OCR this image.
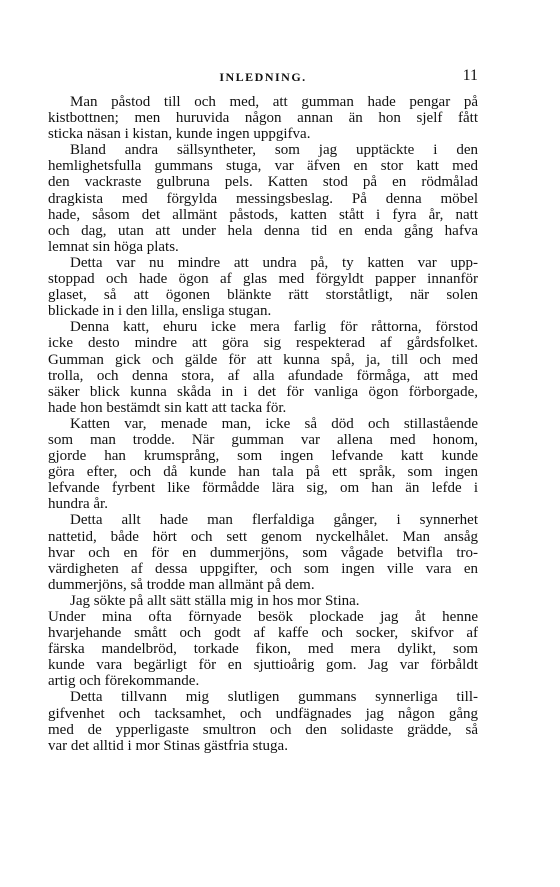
INLEDNING.	11
Man påstod till och med, att gumman hade pengar på
kistbottnen; men huruvida någon annan än hon sjelf fått
sticka näsan i kistan, kunde ingen uppgifva.
Bland andra sällsyntheter, som jag upptäckte i den
hemlighetsfulla gummans stuga, var äfven en stor katt med
den vackraste gulbruna pels. Katten stod på en rödmålad
dragkista med förgylda messingsbeslag. På denna möbel
hade, såsom det allmänt påstods, katten stått i fyra år, natt
och dag, utan att under hela denna tid en enda gång hafva
lemnat sin höga plats.
Detta var nu mindre att undra på, ty katten var upp-
stoppad och hade ögon af glas med förgyldt papper innanför
glaset, så att ögonen blänkte rätt storståtligt, när solen
blickade in i den lilla, ensliga stugan.
Denna katt, ehuru icke mera farlig för råttorna, förstod
icke desto mindre att göra sig respekterad af gårdsfolket.
Gumman gick och gälde för att kunna spå, ja, till och med
trolla, och denna stora, af alla afundade förmåga, att med
säker blick kunna skåda in i det för vanliga ögon förborgade,
hade hon bestämdt sin katt att tacka för.
Katten var, menade man, icke så död och stillastående
som man trodde. När gumman var allena med honom,
gjorde han krumsprång, som ingen lefvande katt kunde
göra efter, och då kunde han tala på ett språk, som ingen
lefvande fyrbent like förmådde lära sig, om han än lefde i
hundra år.
Detta allt hade man flerfaldiga gånger, i synnerhet
nattetid, både hört och sett genom nyckelhålet. Man ansåg
hvar och en för en dummerjöns, som vågade betvifla tro-
värdigheten af dessa uppgifter, och som ingen ville vara en
dummerjöns, så trodde man allmänt på dem.
Jag sökte på allt sätt ställa mig in hos mor Stina.
Under mina ofta förnyade besök plockade jag åt henne
hvarjehande smått och godt af kaffe och socker, skifvor af
färska mandelbröd, torkade fikon, med mera dylikt, som
kunde vara begärligt för en sjuttioårig gom. Jag var förbåldt
artig och förekommande.
Detta tillvann mig slutligen gummans synnerliga till-
gifvenhet och tacksamhet, och undfägnades jag någon gång
med de ypperligaste smultron och den solidaste grädde, så
var det alltid i mor Stinas gästfria stuga.
